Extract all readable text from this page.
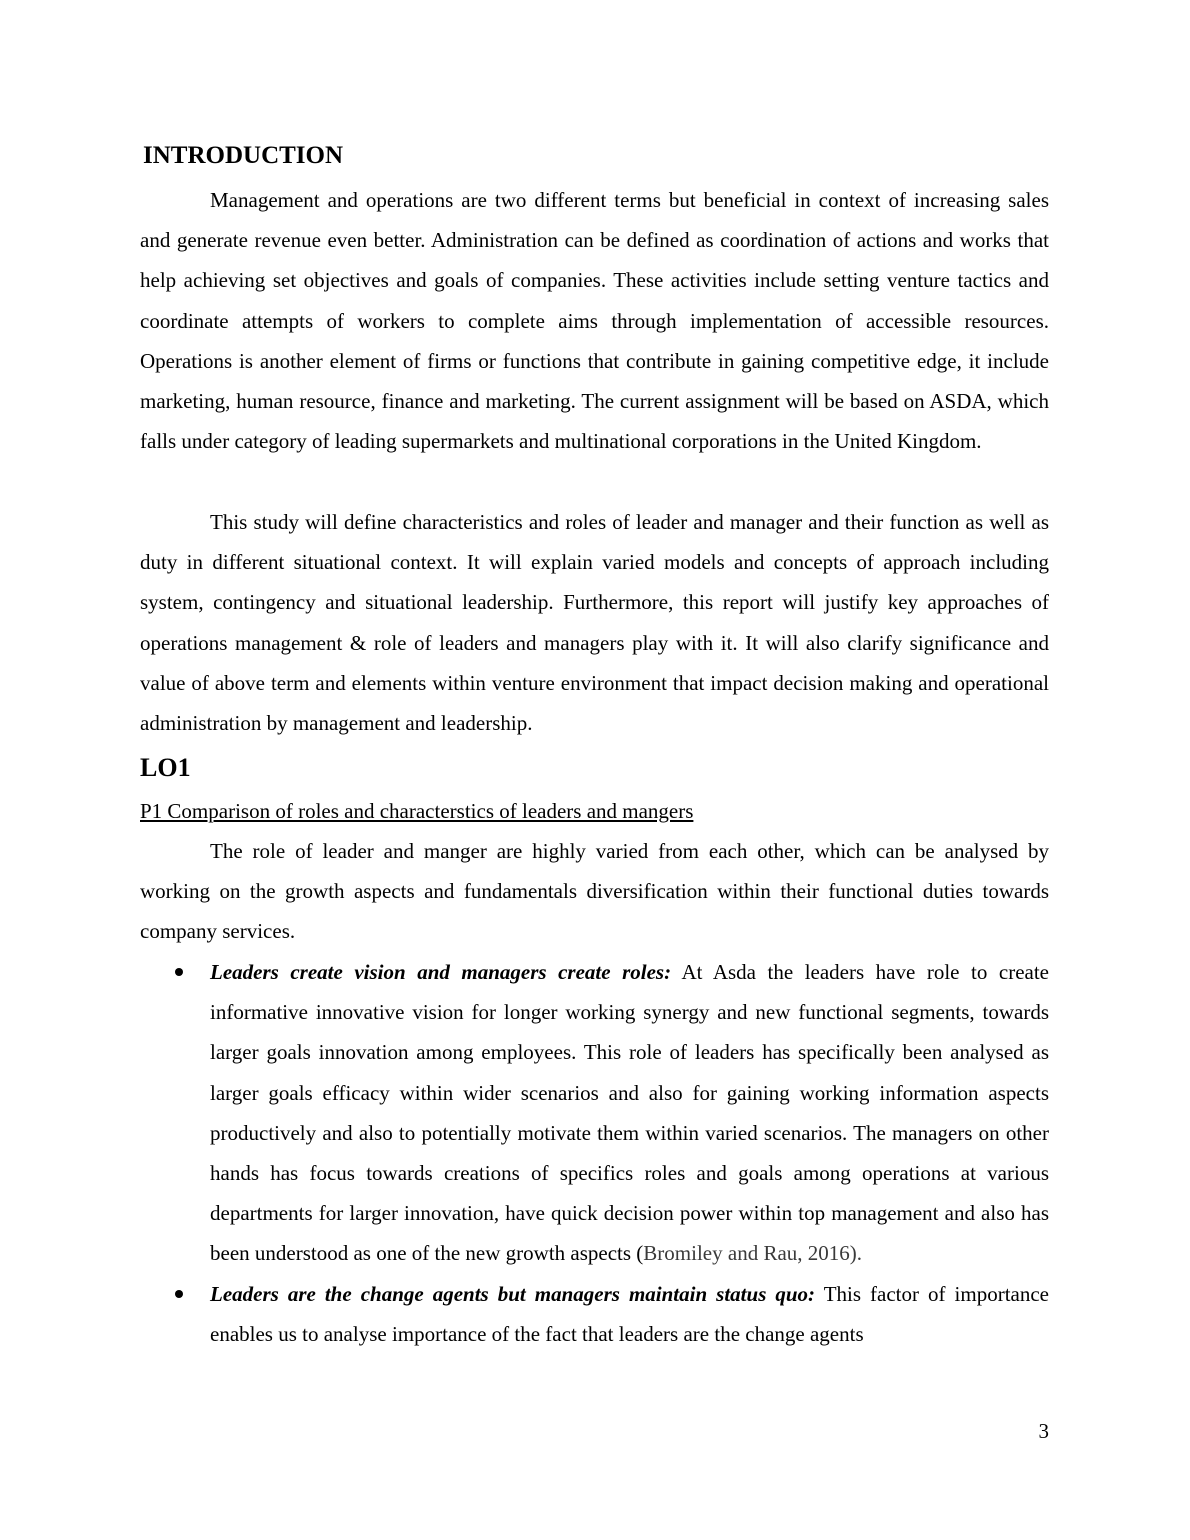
INTRODUCTION

Management and operations are two different terms but beneficial in context of increasing sales and generate revenue even better. Administration can be defined as coordination of actions and works that help achieving set objectives and goals of companies. These activities include setting venture tactics and coordinate attempts of workers to complete aims through implementation of accessible resources. Operations is another element of firms or functions that contribute in gaining competitive edge, it include marketing, human resource, finance and marketing. The current assignment will be based on ASDA, which falls under category of leading supermarkets and multinational corporations in the United Kingdom.

This study will define characteristics and roles of leader and manager and their function as well as duty in different situational context. It will explain varied models and concepts of approach including system, contingency and situational leadership. Furthermore, this report will justify key approaches of operations management & role of leaders and managers play with it. It will also clarify significance and value of above term and elements within venture environment that impact decision making and operational administration by management and leadership.

LO1

P1 Comparison of roles and characterstics of leaders and mangers

The role of leader and manger are highly varied from each other, which can be analysed by working on the growth aspects and fundamentals diversification within their functional duties towards company services.

Leaders create vision and managers create roles: At Asda the leaders have role to create informative innovative vision for longer working synergy and new functional segments, towards larger goals innovation among employees. This role of leaders has specifically been analysed as larger goals efficacy within wider scenarios and also for gaining working information aspects productively and also to potentially motivate them within varied scenarios. The managers on other hands has focus towards creations of specifics roles and goals among operations at various departments for larger innovation, have quick decision power within top management and also has been understood as one of the new growth aspects (Bromiley and Rau, 2016).
Leaders are the change agents but managers maintain status quo: This factor of importance enables us to analyse importance of the fact that leaders are the change agents
3
